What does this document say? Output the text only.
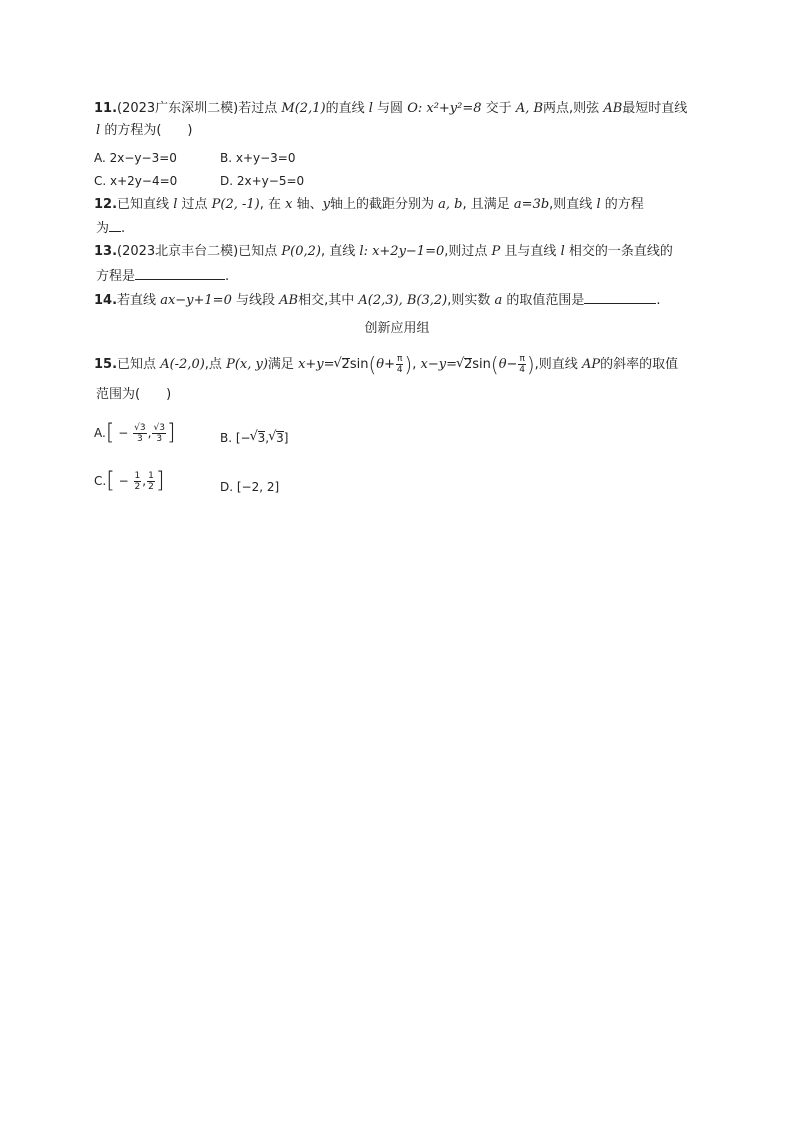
11.(2023广东深圳二模)若过点 M(2,1)的直线 l 与圆 O: x²+y²=8 交于 A, B两点,则弦 AB最短时直线
l 的方程为(　　)
A. 2x−y−3=0	B. x+y−3=0
C. x+2y−4=0	D. 2x+y−5=0
12.已知直线 l 过点 P(2, -1), 在 x 轴、y轴上的截距分别为 a, b, 且满足 a=3b,则直线 l 的方程
为 .
13.(2023北京丰台二模)已知点 P(0,2), 直线 l: x+2y−1=0,则过点 P 且与直线 l 相交的一条直线的
方程是	.
14.若直线 ax−y+1=0 与线段 AB相交,其中 A(2,3), B(3,2),则实数 a 的取值范围是	.
创新应用组
15.已知点 A(-2,0),点 P(x, y)满足 x+y= √ $2\sin(\theta+ \frac{\pi}{4}$ ), x−y= √ $2\sin(\theta- \frac{\pi}{4}$ ),则直线 AP的斜率的取值
范围为(　　)
$A.[ - \frac{√3}{3}$ , $\frac{√3}{3}$ ]	B. [− √ 3, √ 3]
$C.[ - \frac{1}{2}$ , $\frac{1}{2}$ ]	D. [−2, 2]
